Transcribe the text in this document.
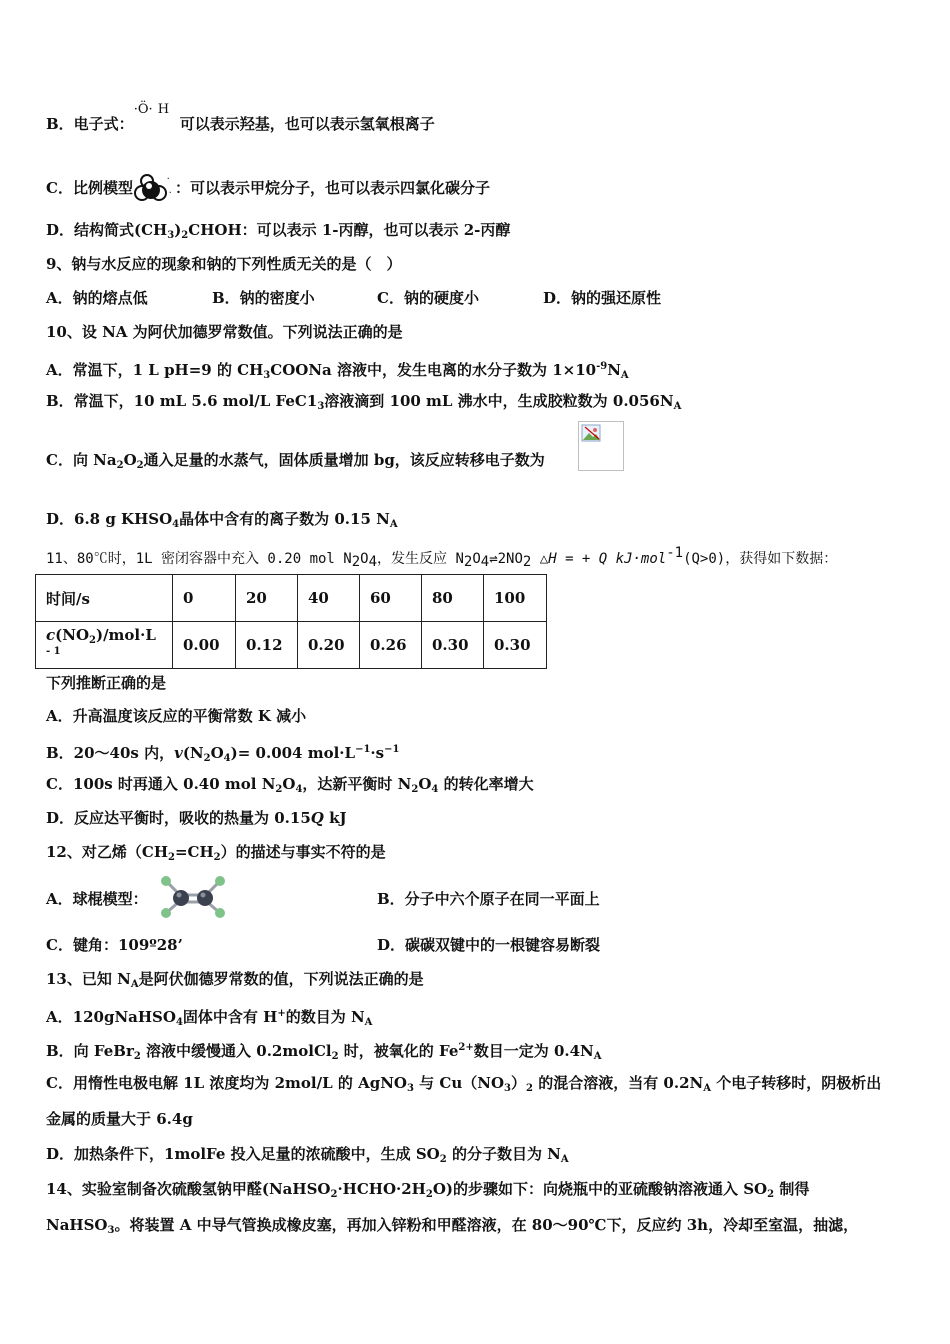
B．电子式：
·Ö· H
可以表示羟基，也可以表示氢氧根离子
C．比例模型
·
· ：可以表示甲烷分子，也可以表示四氯化碳分子
D．结构简式$(CH_3)_2CHOH$：可以表示 1-丙醇，也可以表示 2-丙醇
9、钠与水反应的现象和钠的下列性质无关的是（　）
A．钠的熔点低	B．钠的密度小	C．钠的硬度小	D．钠的强还原性
10、设 NA 为阿伏加德罗常数值。下列说法正确的是
A．常温下，1 L pH=9 的 $CH_3COONa$ 溶液中，发生电离的水分子数为 $1\times 10^{-9}N_A$
B．常温下，10 mL 5.6 mol/L $FeC1_3$溶液滴到 100 mL 沸水中，生成胶粒数为 $0.056N_A$
C．向 $Na_2O_2$通入足量的水蒸气，固体质量增加 bg，该反应转移电子数为
D．6.8 g $KHSO_4$晶体中含有的离子数为 0.15 $N_A$
11、80℃时，1L 密闭容器中充入 0.20 mol $N_2O_4$，发生反应 $N_2O_4\rightleftharpoons 2NO_2$ △H = + Q kJ·mol$^{-1}$(Q>0)，获得如下数据：
时间/s	0	20	40	60	80	100
$c(NO_2)/mol\cdot L$ $^{- 1}$	0.00	0.12	0.20	0.26	0.30	0.30
下列推断正确的是
A．升高温度该反应的平衡常数 K 减小
B．20～40s 内，$v(N_2O_4)= 0.004$ $mol\cdot L^{-1}\cdot s^{-1}$
C．100s 时再通入 0.40 mol $N_2O_4$，达新平衡时 $N_2O_4$ 的转化率增大
D．反应达平衡时，吸收的热量为 0.15Q kJ
12、对乙烯$(CH_2=CH_2)$的描述与事实不符的是
A．球棍模型：	B．分子中六个原子在同一平面上
C．键角：109º28’	D．碳碳双键中的一根键容易断裂
13、已知 $N_A$是阿伏伽德罗常数的值，下列说法正确的是
A．120gNaHSO$_4$固体中含有 H+的数目为 $N_A$
B．向 FeBr$_2$ 溶液中缓慢通入 0.2molCl$_2$ 时，被氧化的 $Fe^{2+}$数目一定为 $0.4N_A$
C．用惰性电极电解 1L 浓度均为 2mol/L 的 AgNO$_3$ 与 $Cu(NO_3)_2$ 的混合溶液，当有 $0.2N_A$ 个电子转移时，阴极析出
金属的质量大于 6.4g
D．加热条件下，1molFe 投入足量的浓硫酸中，生成 $SO_2$ 的分子数目为 $N_A$
14、实验室制备次硫酸氢钠甲醛$(NaHSO_2\cdot HCHO\cdot 2H_2O)$的步骤如下：向烧瓶中的亚硫酸钠溶液通入 $SO_2$ 制得
NaHSO$_3$。将装置 A 中导气管换成橡皮塞，再加入锌粉和甲醛溶液，在 80～90℃下，反应约 3h，冷却至室温，抽滤，
